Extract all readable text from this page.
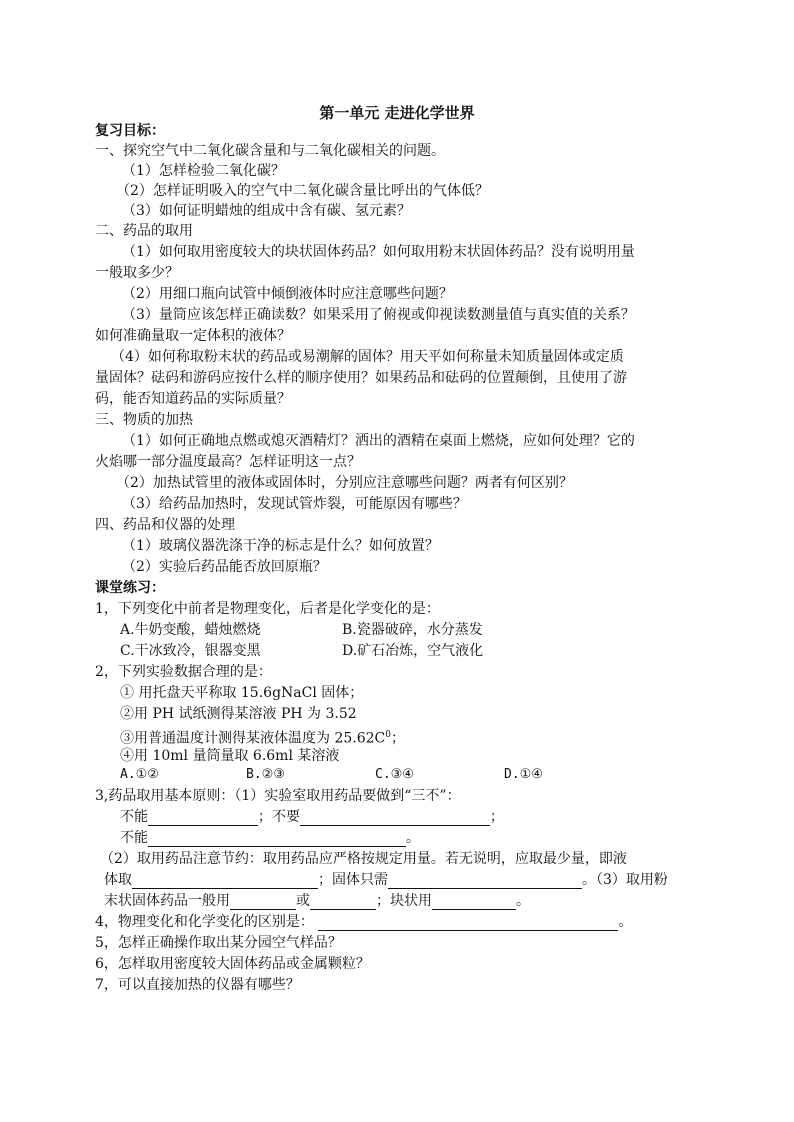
第一单元 走进化学世界
复习目标：
一、探究空气中二氧化碳含量和与二氧化碳相关的问题。
（1）怎样检验二氧化碳？
（2）怎样证明吸入的空气中二氧化碳含量比呼出的气体低？
（3）如何证明蜡烛的组成中含有碳、氢元素？
二、药品的取用
（1）如何取用密度较大的块状固体药品？如何取用粉末状固体药品？没有说明用量
一般取多少？
（2）用细口瓶向试管中倾倒液体时应注意哪些问题？
（3）量筒应该怎样正确读数？如果采用了俯视或仰视读数测量值与真实值的关系？
如何准确量取一定体积的液体？
（4）如何称取粉末状的药品或易潮解的固体？用天平如何称量未知质量固体或定质
量固体？砝码和游码应按什么样的顺序使用？如果药品和砝码的位置颠倒，且使用了游
码，能否知道药品的实际质量？
三、物质的加热
（1）如何正确地点燃或熄灭酒精灯？洒出的酒精在桌面上燃烧，应如何处理？它的
火焰哪一部分温度最高？怎样证明这一点？
（2）加热试管里的液体或固体时，分别应注意哪些问题？两者有何区别？
（3）给药品加热时，发现试管炸裂，可能原因有哪些？
四、药品和仪器的处理
（1）玻璃仪器洗涤干净的标志是什么？如何放置？
（2）实验后药品能否放回原瓶？
课堂练习：
1，下列变化中前者是物理变化，后者是化学变化的是：
A.牛奶变酸，蜡烛燃烧	B.瓷器破碎，水分蒸发
C.干冰致冷，银器变黑	D.矿石冶炼，空气液化
2，下列实验数据合理的是：
① 用托盘天平称取 15.6gNaCl 固体；
②用 PH 试纸测得某溶液 PH 为 3.52
③用普通温度计测得某液体温度为 $25.62C^0$；
④用 10ml 量筒量取 6.6ml 某溶液
A.①②	B.②③	C.③④	D.①④
3,药品取用基本原则：（1）实验室取用药品要做到“三不”：
不能	；不要	；
不能	。
（2）取用药品注意节约：取用药品应严格按规定用量。若无说明，应取最少量，即液
体取	；固体只需	。（3）取用粉
末状固体药品一般用	或	；块状用	。
4，物理变化和化学变化的区别是：	。
5，怎样正确操作取出某分园空气样品？
6，怎样取用密度较大固体药品或金属颗粒？
7，可以直接加热的仪器有哪些？
